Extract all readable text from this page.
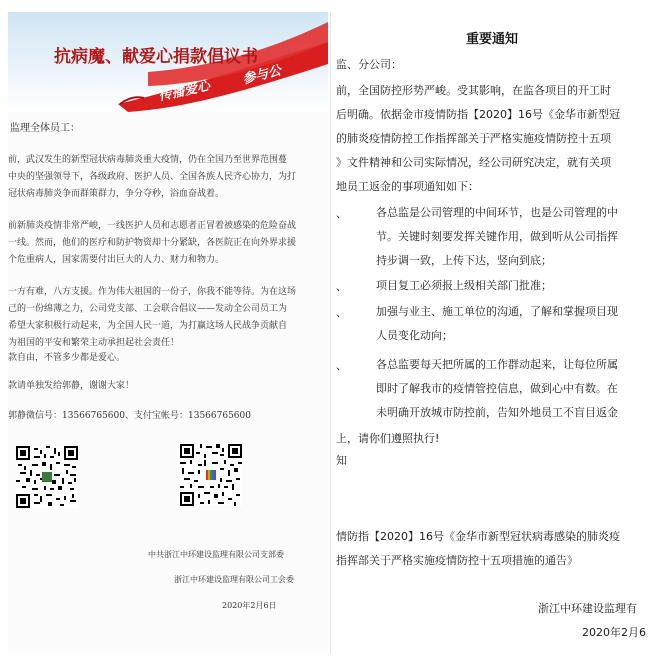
抗病魔、献爱心捐款倡议书
传播爱心
参与公
监理全体员工：
前，武汉发生的新型冠状病毒肺炎重大疫情，仍在全国乃至世界范围蔓
中央的坚强领导下，各级政府、医护人员、全国各族人民齐心协力，为打
冠状病毒肺炎争而群策群力，争分夺秒，浴血奋战着。
前新肺炎疫情非常严峻，一线医护人员和志愿者正冒着被感染的危险奋战
一线。然而，他们的医疗和防护物资却十分紧缺，各医院正在向外界求援
个危重病人，国家需要付出巨大的人力、财力和物力。
一方有难，八方支援。作为伟大祖国的一份子，你我不能等待。为在这场
己的一份绵薄之力，公司党支部、工会联合倡议——发动全公司员工为
希望大家积极行动起来，为全国人民一道，为打赢这场人民战争贡献自
为祖国的平安和繁荣主动承担起社会责任！
款自由，不管多少都是爱心。
款请单独发给郭静，谢谢大家！
郭静微信号：13566765600、支付宝帐号：13566765600
中共浙江中环建设监理有限公司支部委
浙江中环建设监理有限公司工会委
2020年2月6日
重要通知
监、分公司：
前，全国防控形势严峻。受其影响，在监各项目的开工时
后明确。依据金市疫情防指【2020】16号《金华市新型冠
的肺炎疫情防控工作指挥部关于严格实施疫情防控十五项
》文件精神和公司实际情况，经公司研究决定，就有关项
地员工返金的事项通知如下：
、	各总监是公司管理的中间环节，也是公司管理的中
节。关键时刻要发挥关键作用，做到听从公司指挥
持步调一致，上传下达，竖向到底；
、	项目复工必须报上级相关部门批准；
、	加强与业主、施工单位的沟通，了解和掌握项目现
人员变化动向；
、	各总监要每天把所属的工作群动起来，让每位所属
即时了解我市的疫情管控信息，做到心中有数。在
未明确开放城市防控前，告知外地员工不盲目返金
上，请你们遵照执行!
知
情防指【2020】16号《金华市新型冠状病毒感染的肺炎疫
指挥部关于严格实施疫情防控十五项措施的通告》
浙江中环建设监理有
2020年2月6
